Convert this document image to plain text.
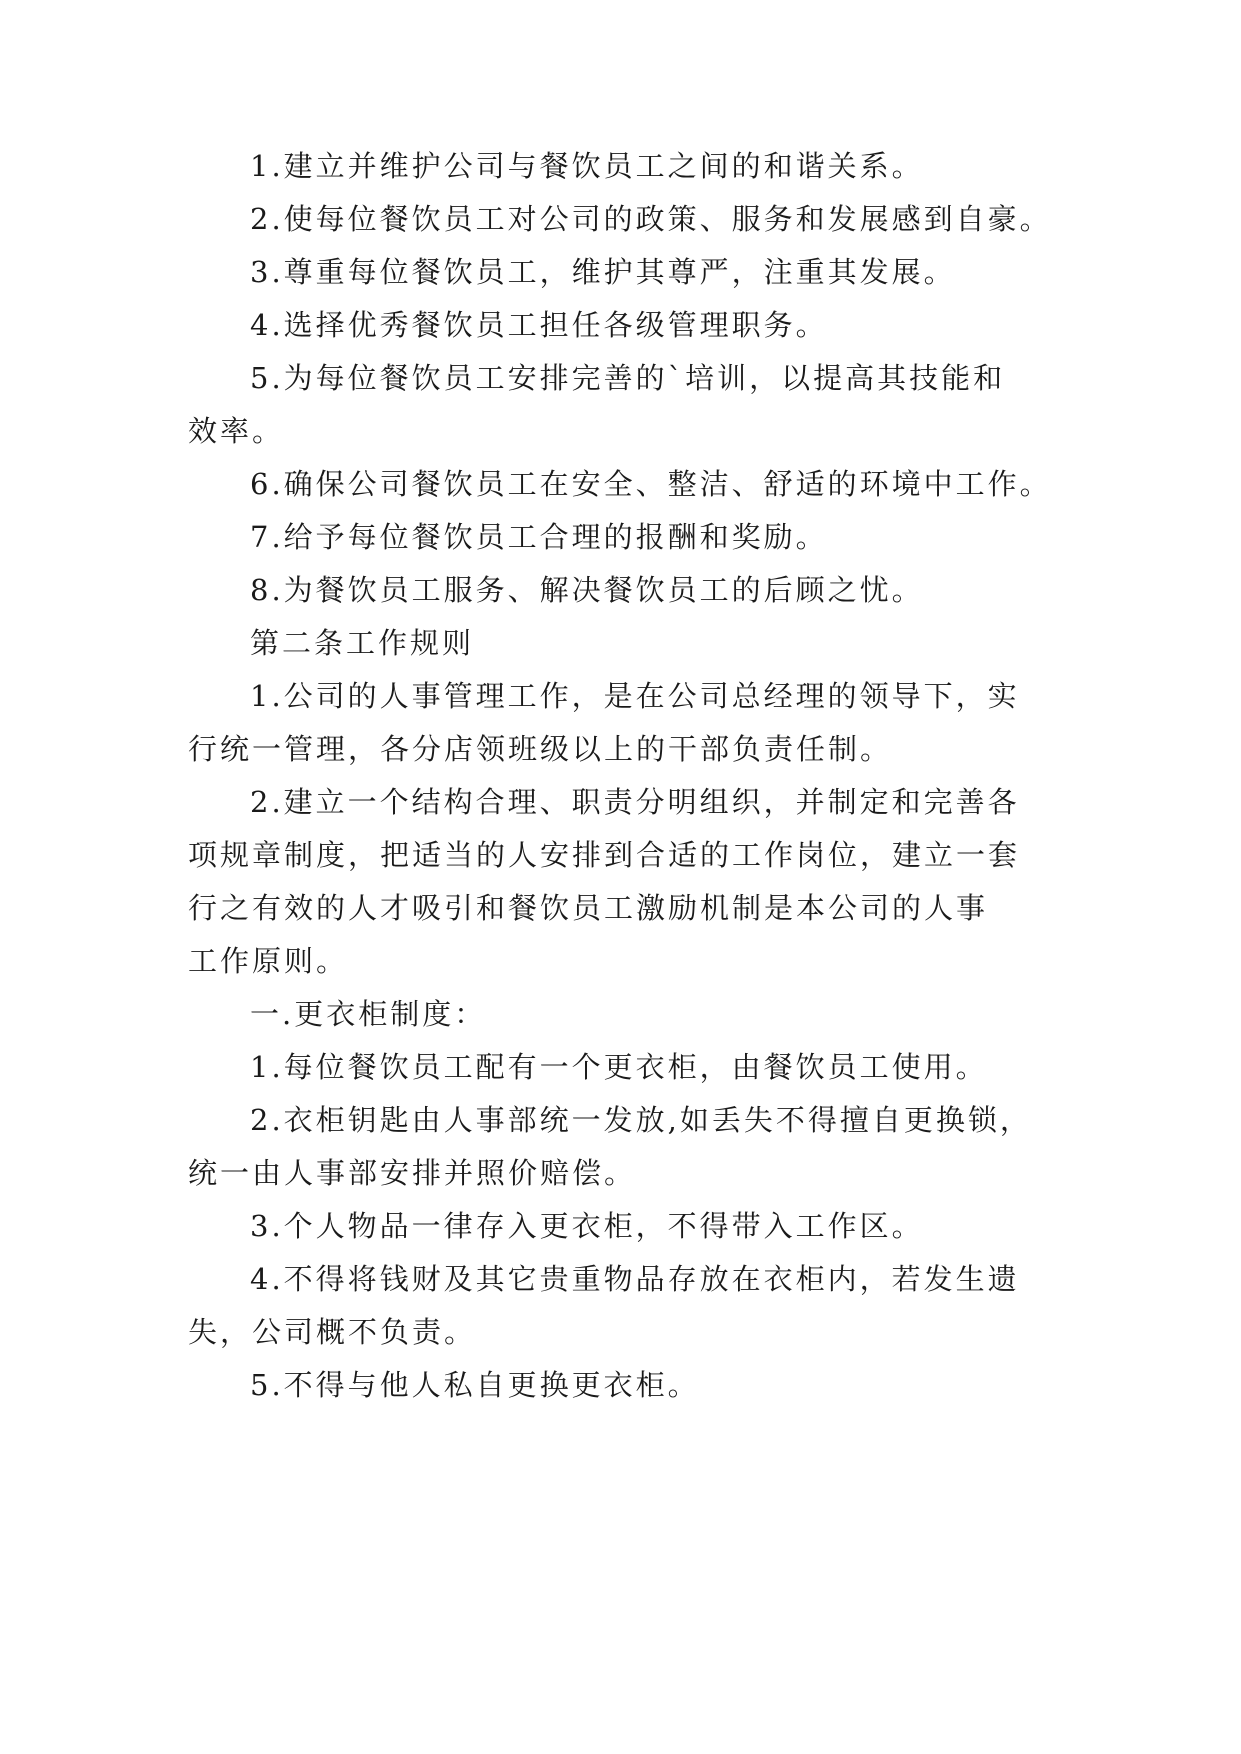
1.建立并维护公司与餐饮员工之间的和谐关系。
2.使每位餐饮员工对公司的政策、服务和发展感到自豪。
3.尊重每位餐饮员工，维护其尊严，注重其发展。
4.选择优秀餐饮员工担任各级管理职务。
5.为每位餐饮员工安排完善的`培训，以提高其技能和
效率。
6.确保公司餐饮员工在安全、整洁、舒适的环境中工作。
7.给予每位餐饮员工合理的报酬和奖励。
8.为餐饮员工服务、解决餐饮员工的后顾之忧。
第二条工作规则
1.公司的人事管理工作，是在公司总经理的领导下，实
行统一管理，各分店领班级以上的干部负责任制。
2.建立一个结构合理、职责分明组织，并制定和完善各
项规章制度，把适当的人安排到合适的工作岗位，建立一套
行之有效的人才吸引和餐饮员工激励机制是本公司的人事
工作原则。
一.更衣柜制度：
1.每位餐饮员工配有一个更衣柜，由餐饮员工使用。
2.衣柜钥匙由人事部统一发放,如丢失不得擅自更换锁，
统一由人事部安排并照价赔偿。
3.个人物品一律存入更衣柜，不得带入工作区。
4.不得将钱财及其它贵重物品存放在衣柜内，若发生遗
失，公司概不负责。
5.不得与他人私自更换更衣柜。
